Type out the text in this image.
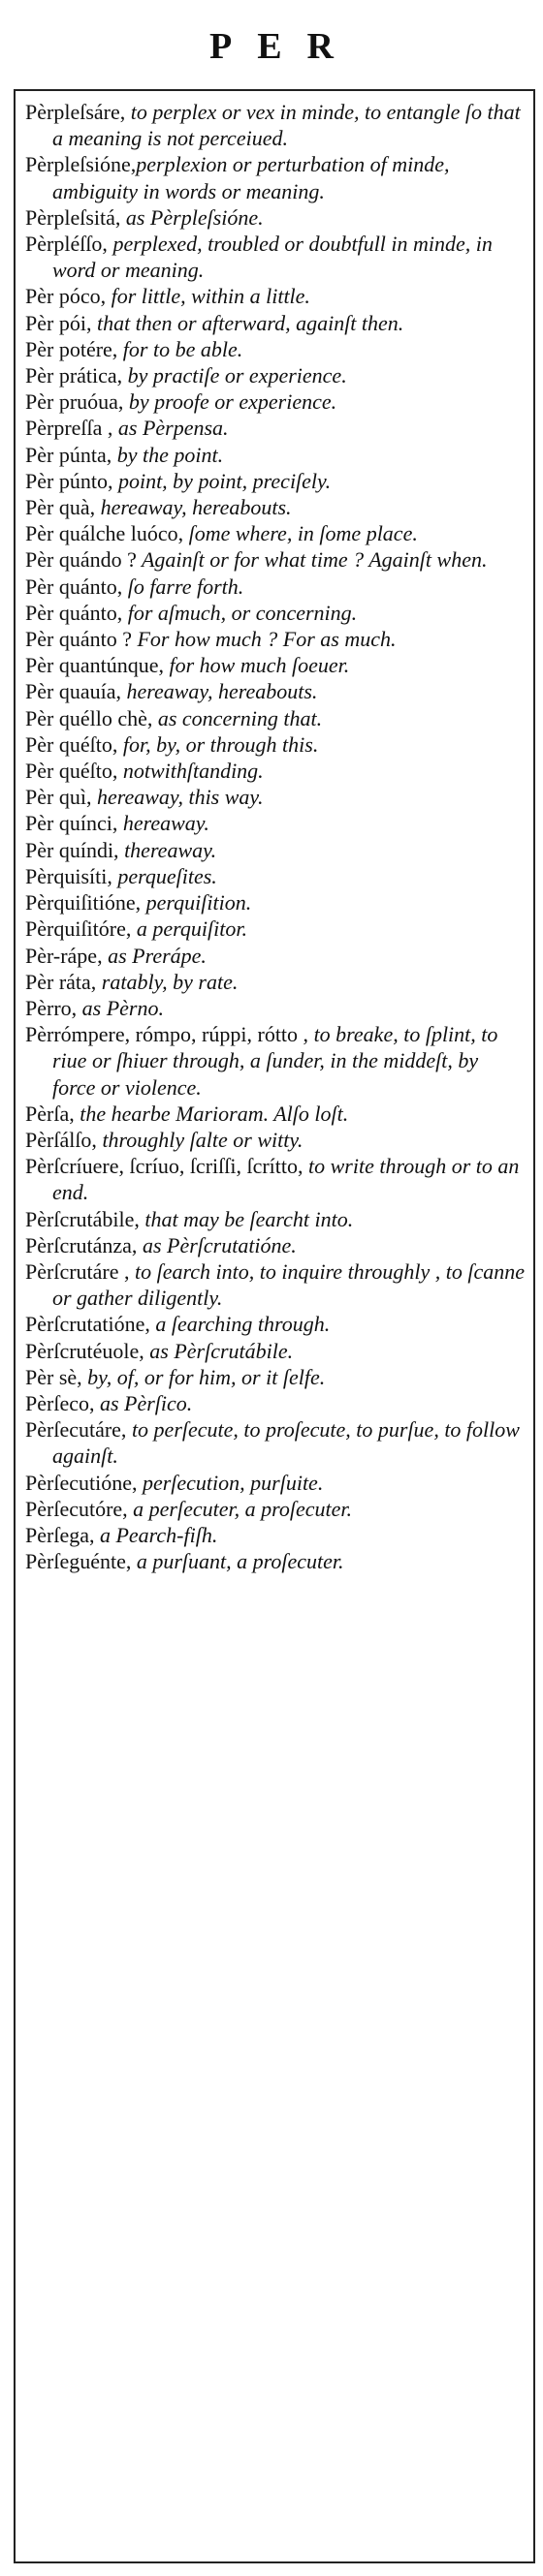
PER
Pèrpleſsáre, to perplex or vex in minde, to entangle ſo that a meaning is not perceiued.
Pèrpleſsióne,perplexion or perturbation of minde, ambiguity in words or meaning.
Pèrpleſsitá, as Pèrpleſsióne.
Pèrpléſſo, perplexed, troubled or doubtfull in minde, in word or meaning.
Pèr póco, for little, within a little.
Pèr pói, that then or afterward, againſt then.
Pèr potére, for to be able.
Pèr prática, by practiſe or experience.
Pèr pruóua, by proofe or experience.
Pèrpreſſa , as Pèrpensa.
Pèr púnta, by the point.
Pèr púnto, point, by point, preciſely.
Pèr quà, hereaway, hereabouts.
Pèr quálche luóco, ſome where, in ſome place.
Pèr quándo ? Againſt or for what time ? Againſt when.
Pèr quánto, ſo farre forth.
Pèr quánto, for aſmuch, or concerning.
Pèr quánto ? For how much ? For as much.
Pèr quantúnque, for how much ſoeuer.
Pèr quauía, hereaway, hereabouts.
Pèr quéllo chè, as concerning that.
Pèr quéſto, for, by, or through this.
Pèr quéſto, notwithſtanding.
Pèr quì, hereaway, this way.
Pèr quínci, hereaway.
Pèr quíndi, thereaway.
Pèrquisíti, perqueſites.
Pèrquiſitióne, perquiſition.
Pèrquiſitóre, a perquiſitor.
Pèr-rápe, as Prerápe.
Pèr ráta, ratably, by rate.
Pèrro, as Pèrno.
Pèrrómpere, rómpo, rúppi, rótto , to breake, to ſplint, to riue or ſhiuer through, a ſunder, in the middeſt, by force or violence.
Pèrſa, the hearbe Marioram. Alſo loſt.
Pèrſálſo, throughly ſalte or witty.
Pèrſcríuere, ſcríuo, ſcriſſi, ſcrítto, to write through or to an end.
Pèrſcrutábile, that may be ſearcht into.
Pèrſcrutánza, as Pèrſcrutatióne.
Pèrſcrutáre , to ſearch into, to inquire throughly , to ſcanne or gather diligently.
Pèrſcrutatióne, a ſearching through.
Pèrſcrutéuole, as Pèrſcrutábile.
Pèr sè, by, of, or for him, or it ſelfe.
Pèrſeco, as Pèrſico.
Pèrſecutáre, to perſecute, to proſecute, to purſue, to follow againſt.
Pèrſecutióne, perſecution, purſuite.
Pèrſecutóre, a perſecuter, a proſecuter.
Pèrſega, a Pearch-fiſh.
Pèrſeguénte, a purſuant, a proſecuter.
